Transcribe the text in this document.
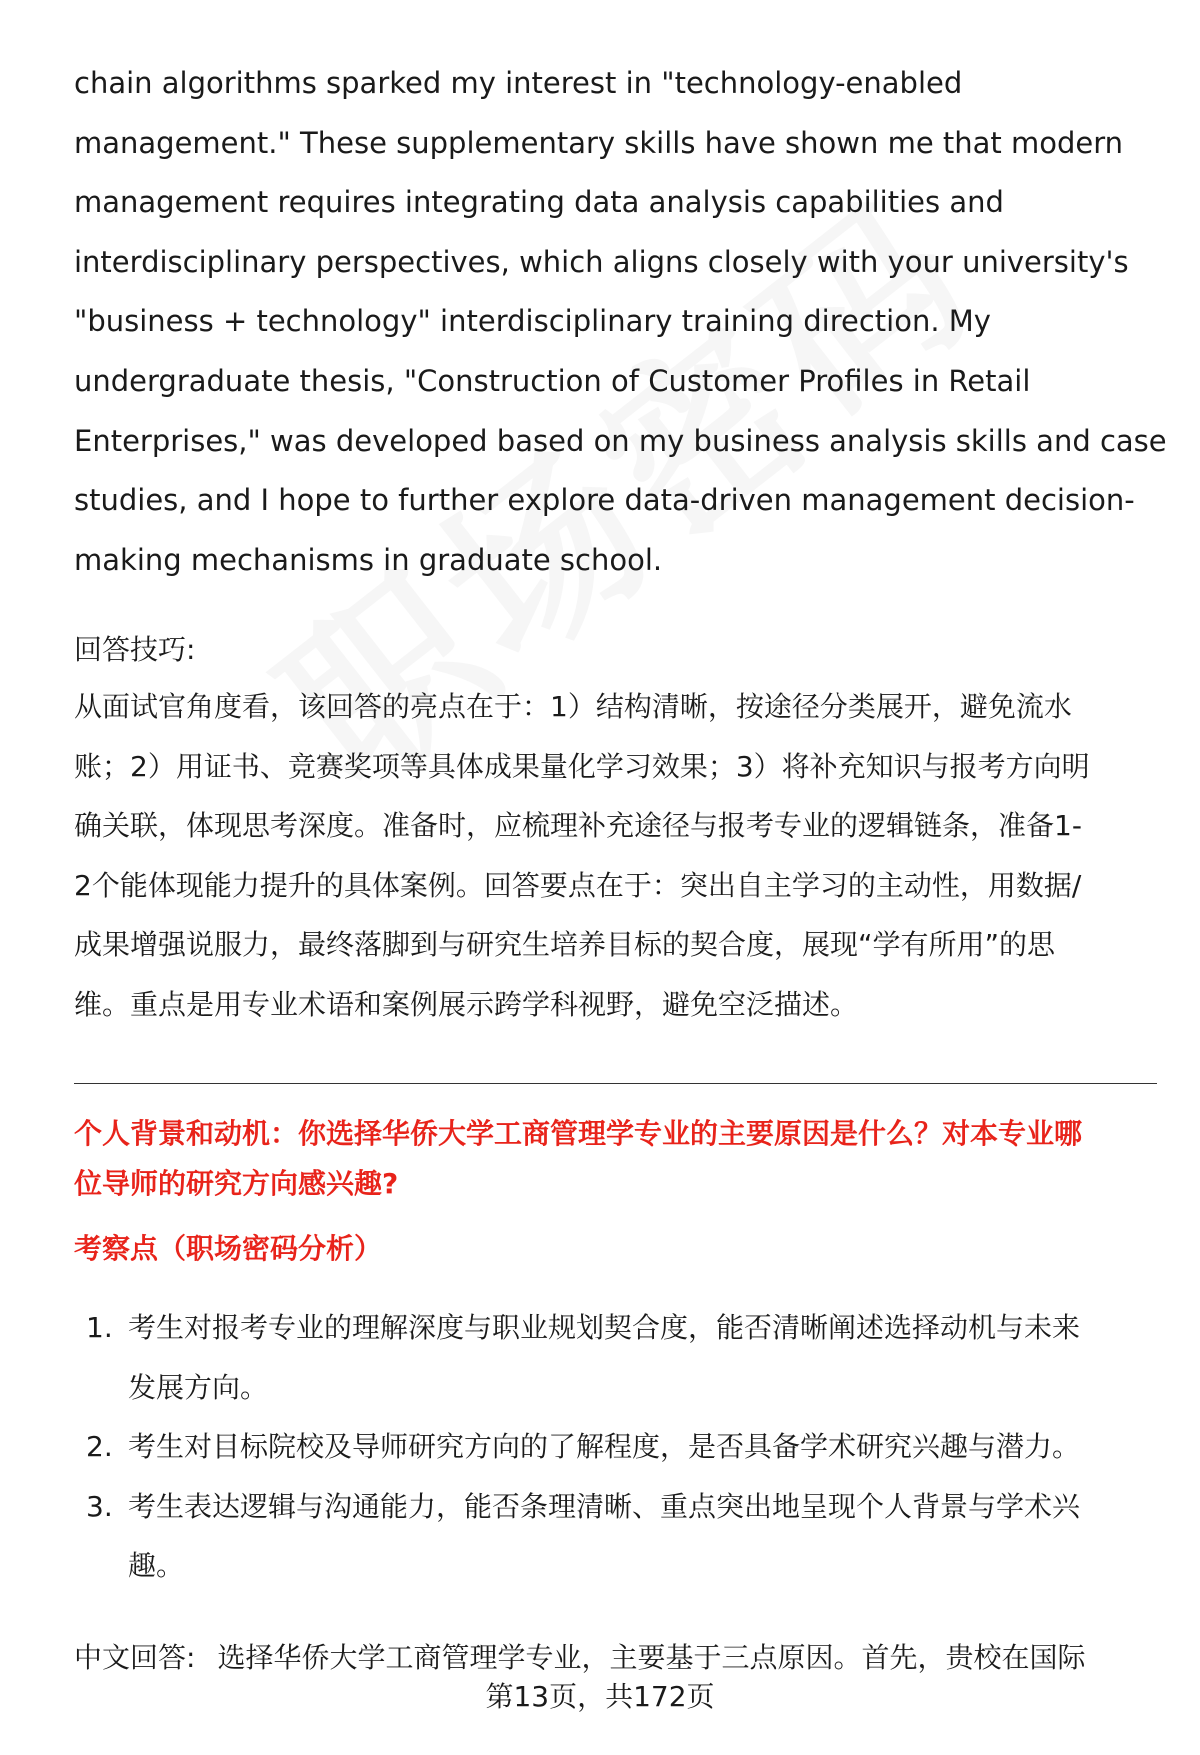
chain algorithms sparked my interest in "technology-enabled
management." These supplementary skills have shown me that modern
management requires integrating data analysis capabilities and
interdisciplinary perspectives, which aligns closely with your university's
"business + technology" interdisciplinary training direction. My
undergraduate thesis, "Construction of Customer Profiles in Retail
Enterprises," was developed based on my business analysis skills and case
studies, and I hope to further explore data-driven management decision-
making mechanisms in graduate school.

回答技巧:

从面试官角度看，该回答的亮点在于：1）结构清晰，按途径分类展开，避免流水
账；2）用证书、竞赛奖项等具体成果量化学习效果；3）将补充知识与报考方向明
确关联，体现思考深度。准备时，应梳理补充途径与报考专业的逻辑链条，准备1-
2个能体现能力提升的具体案例。回答要点在于：突出自主学习的主动性，用数据/
成果增强说服力，最终落脚到与研究生培养目标的契合度，展现“学有所用”的思
维。重点是用专业术语和案例展示跨学科视野，避免空泛描述。

个人背景和动机：你选择华侨大学工商管理学专业的主要原因是什么？对本专业哪
位导师的研究方向感兴趣?
考察点（职场密码分析）
1. 考生对报考专业的理解深度与职业规划契合度，能否清晰阐述选择动机与未来
发展方向。
2. 考生对目标院校及导师研究方向的了解程度，是否具备学术研究兴趣与潜力。
3. 考生表达逻辑与沟通能力，能否条理清晰、重点突出地呈现个人背景与学术兴
趣。

中文回答: 选择华侨大学工商管理学专业，主要基于三点原因。首先，贵校在国际

第13页，共172页
